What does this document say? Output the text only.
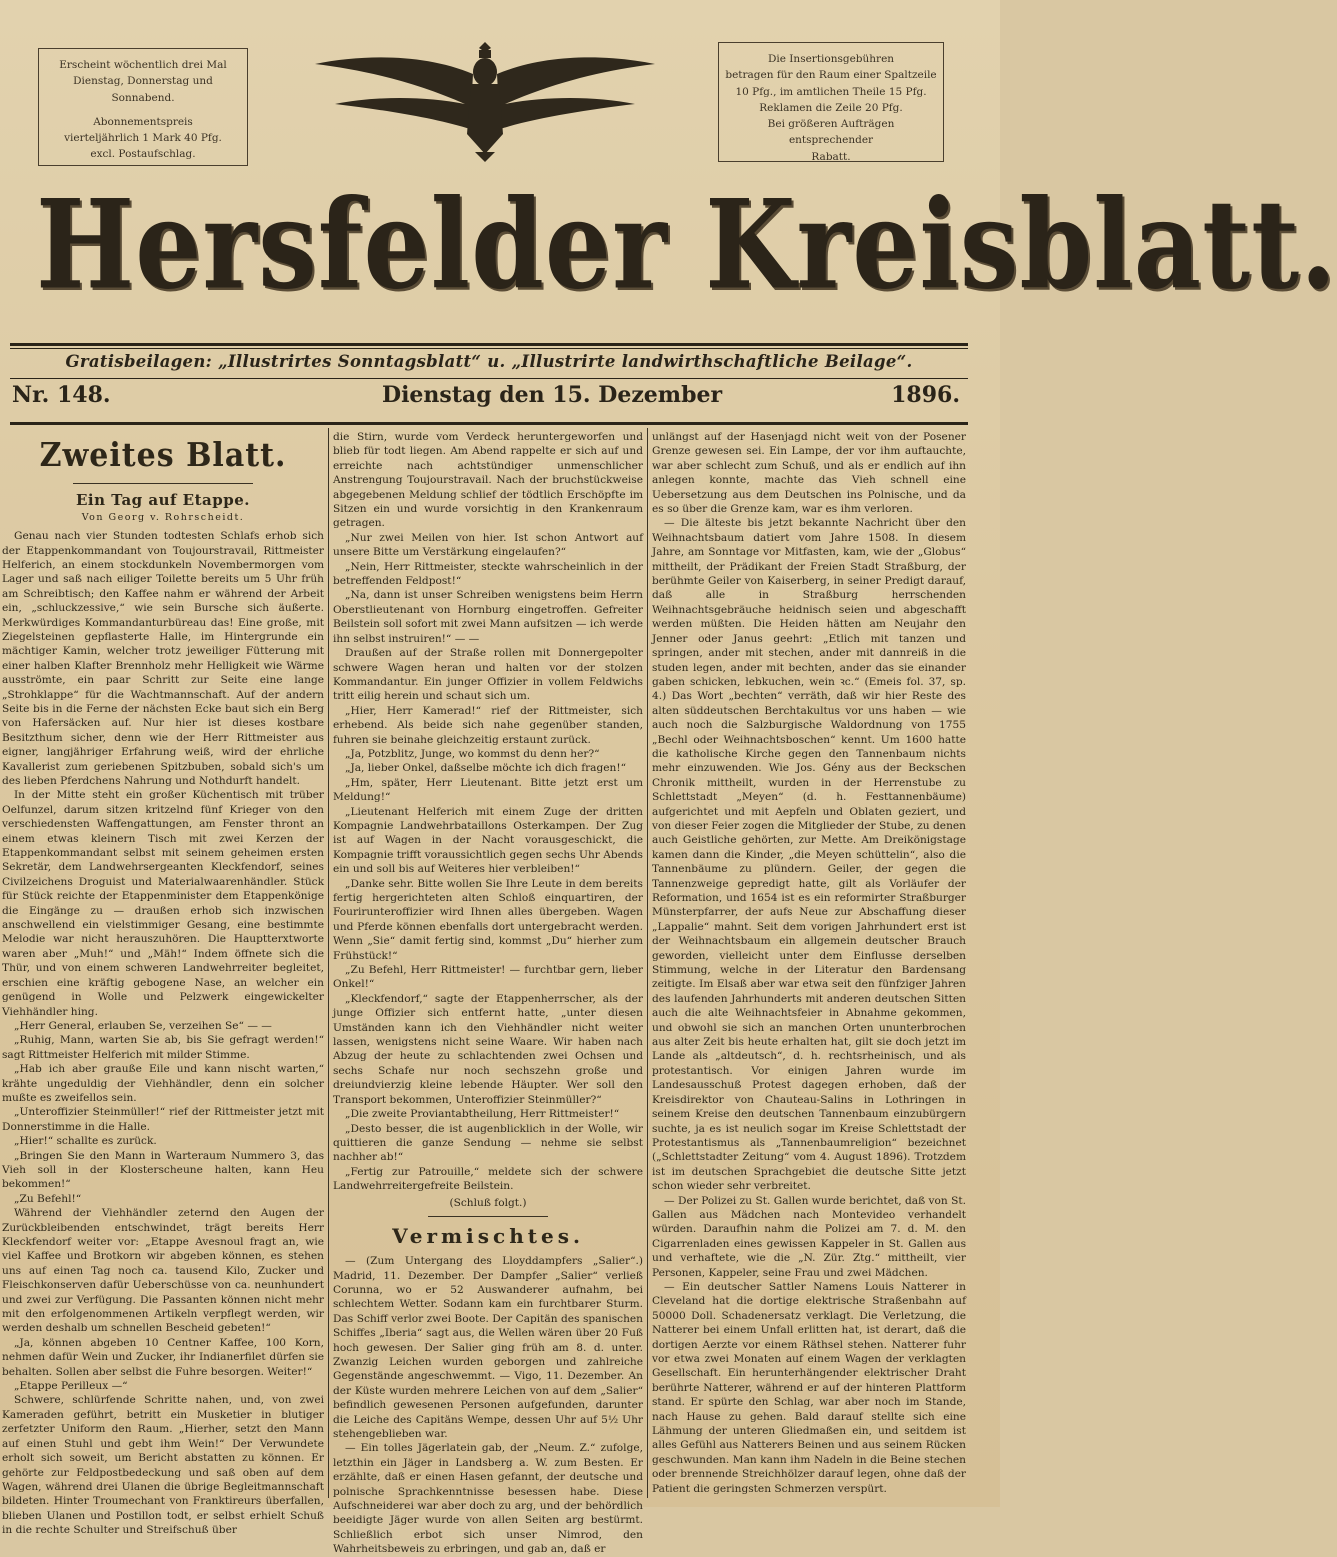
Erscheint wöchentlich drei Mal
Dienstag, Donnerstag und Sonnabend.

Abonnementspreis

vierteljährlich 1 Mark 40 Pfg.
excl. Postaufschlag.
Die Insertionsgebühren
betragen für den Raum einer Spaltzeile
10 Pfg., im amtlichen Theile 15 Pfg.
Reklamen die Zeile 20 Pfg.
Bei größeren Aufträgen entsprechender
Rabatt.
Hersfelder Kreisblatt.
Gratisbeilagen: „Illustrirtes Sonntagsblatt“ u. „Illustrirte landwirthschaftliche Beilage“.
Nr. 148.	Dienstag den 15. Dezember	1896.
Zweites Blatt.
Ein Tag auf Etappe.
Von Georg v. Rohrscheidt.

Genau nach vier Stunden todtesten Schlafs erhob sich der Etappenkommandant von Toujourstravail, Rittmeister Helferich, an einem stockdunkeln Novembermorgen vom Lager und saß nach eiliger Toilette bereits um 5 Uhr früh am Schreibtisch; den Kaffee nahm er während der Arbeit ein, „schluckzessive,“ wie sein Bursche sich äußerte. Merkwürdiges Kommandanturbüreau das! Eine große, mit Ziegelsteinen gepflasterte Halle, im Hintergrunde ein mächtiger Kamin, welcher trotz jeweiliger Fütterung mit einer halben Klafter Brennholz mehr Helligkeit wie Wärme ausströmte, ein paar Schritt zur Seite eine lange „Strohklappe“ für die Wachtmannschaft. Auf der andern Seite bis in die Ferne der nächsten Ecke baut sich ein Berg von Hafersäcken auf. Nur hier ist dieses kostbare Besitzthum sicher, denn wie der Herr Rittmeister aus eigner, langjähriger Erfahrung weiß, wird der ehrliche Kavallerist zum geriebenen Spitzbuben, sobald sich's um des lieben Pferdchens Nahrung und Nothdurft handelt.

In der Mitte steht ein großer Küchentisch mit trüber Oelfunzel, darum sitzen kritzelnd fünf Krieger von den verschiedensten Waffengattungen, am Fenster thront an einem etwas kleinern Tisch mit zwei Kerzen der Etappenkommandant selbst mit seinem geheimen ersten Sekretär, dem Landwehrsergeanten Kleckfendorf, seines Civilzeichens Droguist und Materialwaarenhändler. Stück für Stück reichte der Etappenminister dem Etappenkönige die Eingänge zu — draußen erhob sich inzwischen anschwellend ein vielstimmiger Gesang, eine bestimmte Melodie war nicht herauszuhören. Die Hauptterxtworte waren aber „Muh!“ und „Mäh!“ Indem öffnete sich die Thür, und von einem schweren Landwehrreiter begleitet, erschien eine kräftig gebogene Nase, an welcher ein genügend in Wolle und Pelzwerk eingewickelter Viehhändler hing.

„Herr General, erlauben Se, verzeihen Se“ — —

„Ruhig, Mann, warten Sie ab, bis Sie gefragt werden!“ sagt Rittmeister Helferich mit milder Stimme.

„Hab ich aber grauße Eile und kann nischt warten,“ krähte ungeduldig der Viehhändler, denn ein solcher mußte es zweifellos sein.

„Unteroffizier Steinmüller!“ rief der Rittmeister jetzt mit Donnerstimme in die Halle.

„Hier!“ schallte es zurück.

„Bringen Sie den Mann in Warteraum Nummero 3, das Vieh soll in der Klosterscheune halten, kann Heu bekommen!“

„Zu Befehl!“

Während der Viehhändler zeternd den Augen der Zurückbleibenden entschwindet, trägt bereits Herr Kleckfendorf weiter vor: „Etappe Avesnoul fragt an, wie viel Kaffee und Brotkorn wir abgeben können, es stehen uns auf einen Tag noch ca. tausend Kilo, Zucker und Fleischkonserven dafür Ueberschüsse von ca. neunhundert und zwei zur Verfügung. Die Passanten können nicht mehr mit den erfolgenommenen Artikeln verpflegt werden, wir werden deshalb um schnellen Bescheid gebeten!“

„Ja, können abgeben 10 Centner Kaffee, 100 Korn, nehmen dafür Wein und Zucker, ihr Indianerfilet dürfen sie behalten. Sollen aber selbst die Fuhre besorgen. Weiter!“

„Etappe Perilleux —“

Schwere, schlürfende Schritte nahen, und, von zwei Kameraden geführt, betritt ein Musketier in blutiger zerfetzter Uniform den Raum. „Hierher, setzt den Mann auf einen Stuhl und gebt ihm Wein!“ Der Verwundete erholt sich soweit, um Bericht abstatten zu können. Er gehörte zur Feldpostbedeckung und saß oben auf dem Wagen, während drei Ulanen die übrige Begleitmannschaft bildeten. Hinter Troumechant von Franktireurs überfallen, blieben Ulanen und Postillon todt, er selbst erhielt Schuß in die rechte Schulter und Streifschuß über

die Stirn, wurde vom Verdeck heruntergeworfen und blieb für todt liegen. Am Abend rappelte er sich auf und erreichte nach achtstündiger unmenschlicher Anstrengung Toujourstravail. Nach der bruchstückweise abgegebenen Meldung schlief der tödtlich Erschöpfte im Sitzen ein und wurde vorsichtig in den Krankenraum getragen.

„Nur zwei Meilen von hier. Ist schon Antwort auf unsere Bitte um Verstärkung eingelaufen?“

„Nein, Herr Rittmeister, steckte wahrscheinlich in der betreffenden Feldpost!“

„Na, dann ist unser Schreiben wenigstens beim Herrn Oberstlieutenant von Hornburg eingetroffen. Gefreiter Beilstein soll sofort mit zwei Mann aufsitzen — ich werde ihn selbst instruiren!“ — —

Draußen auf der Straße rollen mit Donnergepolter schwere Wagen heran und halten vor der stolzen Kommandantur. Ein junger Offizier in vollem Feldwichs tritt eilig herein und schaut sich um.

„Hier, Herr Kamerad!“ rief der Rittmeister, sich erhebend. Als beide sich nahe gegenüber standen, fuhren sie beinahe gleichzeitig erstaunt zurück.

„Ja, Potzblitz, Junge, wo kommst du denn her?“

„Ja, lieber Onkel, daßselbe möchte ich dich fragen!“

„Hm, später, Herr Lieutenant. Bitte jetzt erst um Meldung!“

„Lieutenant Helferich mit einem Zuge der dritten Kompagnie Landwehrbataillons Osterkampen. Der Zug ist auf Wagen in der Nacht vorausgeschickt, die Kompagnie trifft voraussichtlich gegen sechs Uhr Abends ein und soll bis auf Weiteres hier verbleiben!“

„Danke sehr. Bitte wollen Sie Ihre Leute in dem bereits fertig hergerichteten alten Schloß einquartiren, der Fourirunteroffizier wird Ihnen alles übergeben. Wagen und Pferde können ebenfalls dort untergebracht werden. Wenn „Sie“ damit fertig sind, kommst „Du“ hierher zum Frühstück!“

„Zu Befehl, Herr Rittmeister! — furchtbar gern, lieber Onkel!“

„Kleckfendorf,“ sagte der Etappenherrscher, als der junge Offizier sich entfernt hatte, „unter diesen Umständen kann ich den Viehhändler nicht weiter lassen, wenigstens nicht seine Waare. Wir haben nach Abzug der heute zu schlachtenden zwei Ochsen und sechs Schafe nur noch sechszehn große und dreiundvierzig kleine lebende Häupter. Wer soll den Transport bekommen, Unteroffizier Steinmüller?“

„Die zweite Proviantabtheilung, Herr Rittmeister!“

„Desto besser, die ist augenblicklich in der Wolle, wir quittieren die ganze Sendung — nehme sie selbst nachher ab!“

„Fertig zur Patrouille,“ meldete sich der schwere Landwehrreitergefreite Beilstein.

(Schluß folgt.)
Vermischtes.

— (Zum Untergang des Lloyddampfers „Salier“.) Madrid, 11. Dezember. Der Dampfer „Salier“ verließ Corunna, wo er 52 Auswanderer aufnahm, bei schlechtem Wetter. Sodann kam ein furchtbarer Sturm. Das Schiff verlor zwei Boote. Der Capitän des spanischen Schiffes „Iberia“ sagt aus, die Wellen wären über 20 Fuß hoch gewesen. Der Salier ging früh am 8. d. unter. Zwanzig Leichen wurden geborgen und zahlreiche Gegenstände angeschwemmt. — Vigo, 11. Dezember. An der Küste wurden mehrere Leichen von auf dem „Salier“ befindlich gewesenen Personen aufgefunden, darunter die Leiche des Capitäns Wempe, dessen Uhr auf 5½ Uhr stehengeblieben war.

— Ein tolles Jägerlatein gab, der „Neum. Z.“ zufolge, letzthin ein Jäger in Landsberg a. W. zum Besten. Er erzählte, daß er einen Hasen gefannt, der deutsche und polnische Sprachkenntnisse besessen habe. Diese Aufschneiderei war aber doch zu arg, und der behördlich beeidigte Jäger wurde von allen Seiten arg bestürmt. Schließlich erbot sich unser Nimrod, den Wahrheitsbeweis zu erbringen, und gab an, daß er

unlängst auf der Hasenjagd nicht weit von der Posener Grenze gewesen sei. Ein Lampe, der vor ihm auftauchte, war aber schlecht zum Schuß, und als er endlich auf ihn anlegen konnte, machte das Vieh schnell eine Uebersetzung aus dem Deutschen ins Polnische, und da es so über die Grenze kam, war es ihm verloren.

— Die älteste bis jetzt bekannte Nachricht über den Weihnachtsbaum datiert vom Jahre 1508. In diesem Jahre, am Sonntage vor Mitfasten, kam, wie der „Globus“ mittheilt, der Prädikant der Freien Stadt Straßburg, der berühmte Geiler von Kaiserberg, in seiner Predigt darauf, daß alle in Straßburg herrschenden Weihnachtsgebräuche heidnisch seien und abgeschafft werden müßten. Die Heiden hätten am Neujahr den Jenner oder Janus geehrt: „Etlich mit tanzen und springen, ander mit stechen, ander mit dannreiß in die studen legen, ander mit bechten, ander das sie einander gaben schicken, lebkuchen, wein ꝛc.“ (Emeis fol. 37, sp. 4.) Das Wort „bechten“ verräth, daß wir hier Reste des alten süddeutschen Berchtakultus vor uns haben — wie auch noch die Salzburgische Waldordnung von 1755 „Bechl oder Weihnachtsboschen“ kennt. Um 1600 hatte die katholische Kirche gegen den Tannenbaum nichts mehr einzuwenden. Wie Jos. Gény aus der Beckschen Chronik mittheilt, wurden in der Herrenstube zu Schlettstadt „Meyen“ (d. h. Festtannenbäume) aufgerichtet und mit Aepfeln und Oblaten geziert, und von dieser Feier zogen die Mitglieder der Stube, zu denen auch Geistliche gehörten, zur Mette. Am Dreikönigstage kamen dann die Kinder, „die Meyen schüttelin“, also die Tannenbäume zu plündern. Geiler, der gegen die Tannenzweige gepredigt hatte, gilt als Vorläufer der Reformation, und 1654 ist es ein reformirter Straßburger Münsterpfarrer, der aufs Neue zur Abschaffung dieser „Lappalie“ mahnt. Seit dem vorigen Jahrhundert erst ist der Weihnachtsbaum ein allgemein deutscher Brauch geworden, vielleicht unter dem Einflusse derselben Stimmung, welche in der Literatur den Bardensang zeitigte. Im Elsaß aber war etwa seit den fünfziger Jahren des laufenden Jahrhunderts mit anderen deutschen Sitten auch die alte Weihnachtsfeier in Abnahme gekommen, und obwohl sie sich an manchen Orten ununterbrochen aus alter Zeit bis heute erhalten hat, gilt sie doch jetzt im Lande als „altdeutsch“, d. h. rechtsrheinisch, und als protestantisch. Vor einigen Jahren wurde im Landesausschuß Protest dagegen erhoben, daß der Kreisdirektor von Chauteau-Salins in Lothringen in seinem Kreise den deutschen Tannenbaum einzubürgern suchte, ja es ist neulich sogar im Kreise Schlettstadt der Protestantismus als „Tannenbaumreligion“ bezeichnet („Schlettstadter Zeitung“ vom 4. August 1896). Trotzdem ist im deutschen Sprachgebiet die deutsche Sitte jetzt schon wieder sehr verbreitet.

— Der Polizei zu St. Gallen wurde berichtet, daß von St. Gallen aus Mädchen nach Montevideo verhandelt würden. Daraufhin nahm die Polizei am 7. d. M. den Cigarrenladen eines gewissen Kappeler in St. Gallen aus und verhaftete, wie die „N. Zür. Ztg.“ mittheilt, vier Personen, Kappeler, seine Frau und zwei Mädchen.

— Ein deutscher Sattler Namens Louis Natterer in Cleveland hat die dortige elektrische Straßenbahn auf 50000 Doll. Schadenersatz verklagt. Die Verletzung, die Natterer bei einem Unfall erlitten hat, ist derart, daß die dortigen Aerzte vor einem Räthsel stehen. Natterer fuhr vor etwa zwei Monaten auf einem Wagen der verklagten Gesellschaft. Ein herunterhängender elektrischer Draht berührte Natterer, während er auf der hinteren Plattform stand. Er spürte den Schlag, war aber noch im Stande, nach Hause zu gehen. Bald darauf stellte sich eine Lähmung der unteren Gliedmaßen ein, und seitdem ist alles Gefühl aus Natterers Beinen und aus seinem Rücken geschwunden. Man kann ihm Nadeln in die Beine stechen oder brennende Streichhölzer darauf legen, ohne daß der Patient die geringsten Schmerzen verspürt.
